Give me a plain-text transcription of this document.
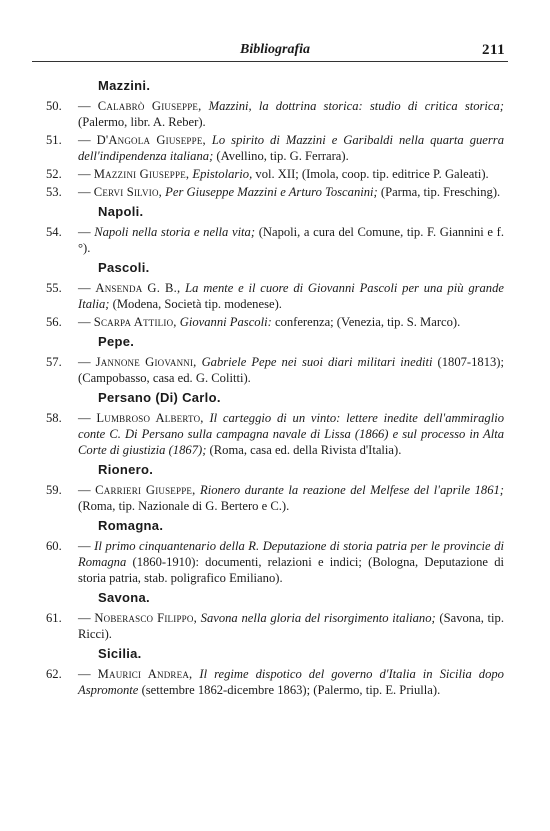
Bibliografia	211
Mazzini.
50. — Calabrò Giuseppe, Mazzini, la dottrina storica: studio di critica storica; (Palermo, libr. A. Reber).
51. — D'Angola Giuseppe, Lo spirito di Mazzini e Garibaldi nella quarta guerra dell'indipendenza italiana; (Avellino, tip. G. Ferrara).
52. — Mazzini Giuseppe, Epistolario, vol. XII; (Imola, coop. tip. editrice P. Galeati).
53. — Cervi Silvio, Per Giuseppe Mazzini e Arturo Toscanini; (Parma, tip. Fresching).
Napoli.
54. — Napoli nella storia e nella vita; (Napoli, a cura del Comune, tip. F. Giannini e f.°).
Pascoli.
55. — Ansenda G. B., La mente e il cuore di Giovanni Pascoli per una più grande Italia; (Modena, Società tip. modenese).
56. — Scarpa Attilio, Giovanni Pascoli: conferenza; (Venezia, tip. S. Marco).
Pepe.
57. — Jannone Giovanni, Gabriele Pepe nei suoi diari militari inediti (1807-1813); (Campobasso, casa ed. G. Colitti).
Persano (Di) Carlo.
58. — Lumbroso Alberto, Il carteggio di un vinto: lettere inedite dell'ammiraglio conte C. Di Persano sulla campagna navale di Lissa (1866) e sul processo in Alta Corte di giustizia (1867); (Roma, casa ed. della Rivista d'Italia).
Rionero.
59. — Carrieri Giuseppe, Rionero durante la reazione del Melfese del l'aprile 1861; (Roma, tip. Nazionale di G. Bertero e C.).
Romagna.
60. — Il primo cinquantenario della R. Deputazione di storia patria per le provincie di Romagna (1860-1910): documenti, relazioni e indici; (Bologna, Deputazione di storia patria, stab. poligrafico Emiliano).
Savona.
61. — Noberasco Filippo, Savona nella gloria del risorgimento italiano; (Savona, tip. Ricci).
Sicilia.
62. — Maurici Andrea, Il regime dispotico del governo d'Italia in Sicilia dopo Aspromonte (settembre 1862-dicembre 1863); (Palermo, tip. E. Priulla).
